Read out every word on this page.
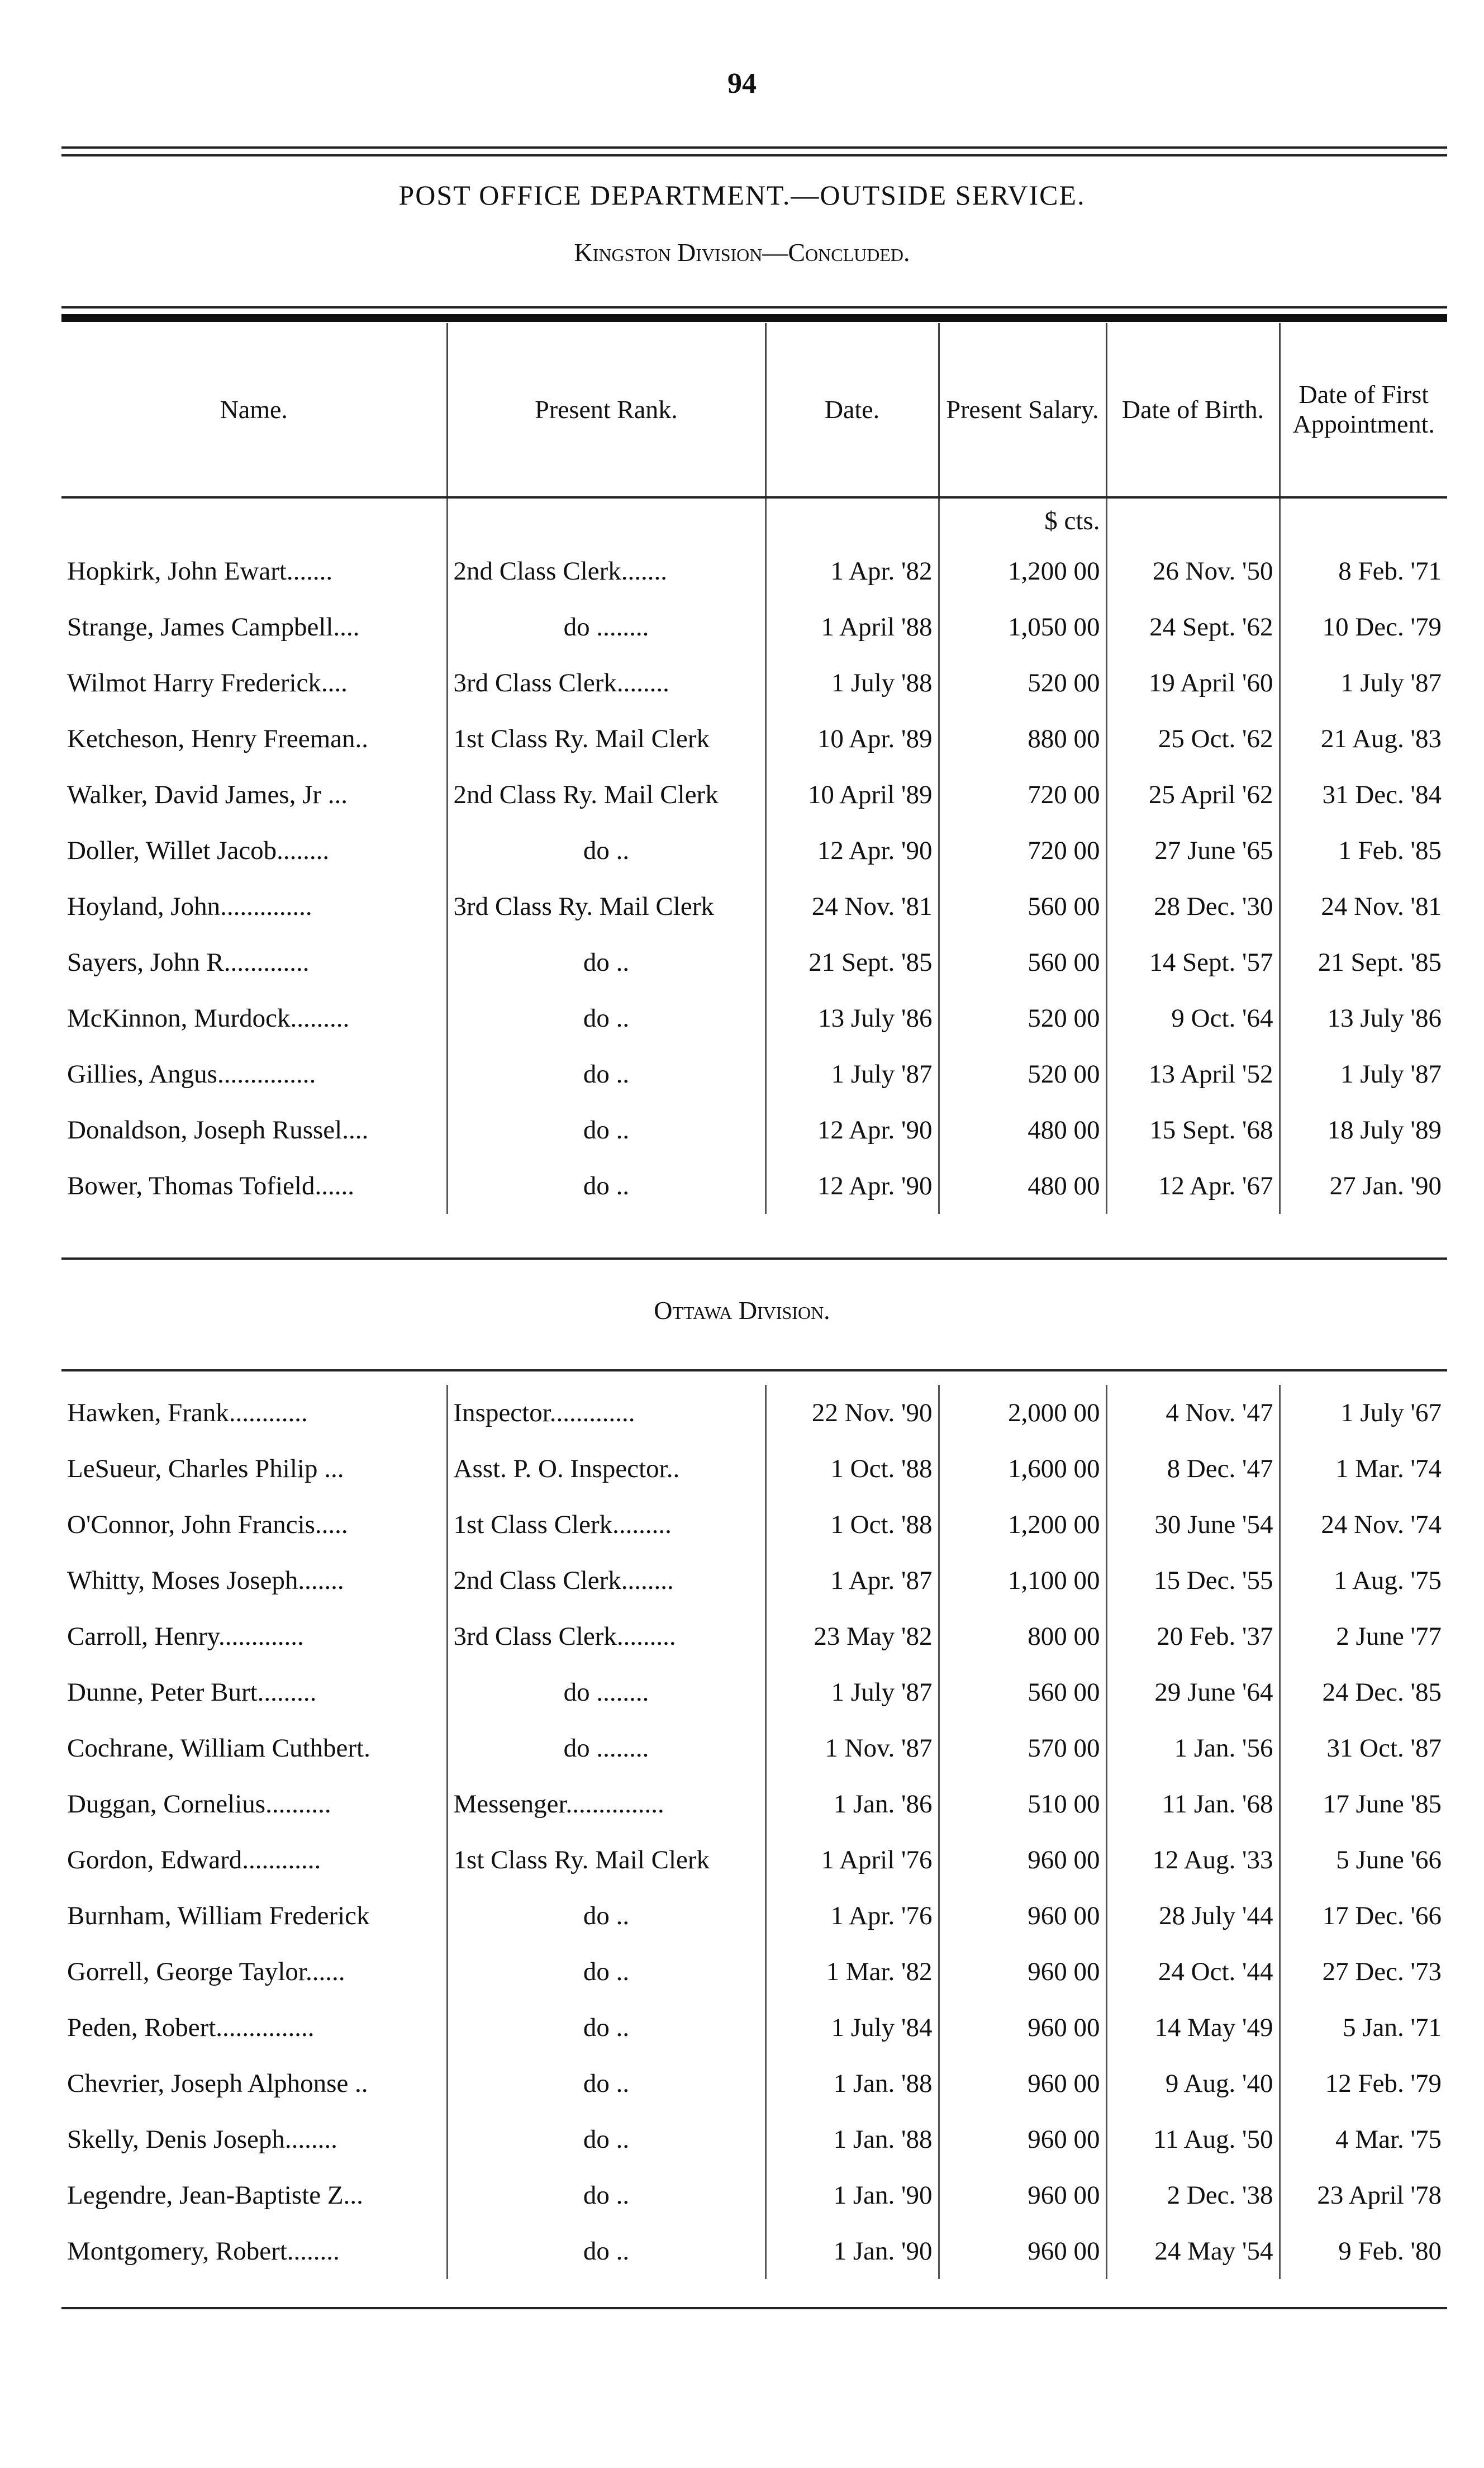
94
POST OFFICE DEPARTMENT.—OUTSIDE SERVICE.
Kingston Division—Concluded.
Name.	Present Rank.	Date.	Present Salary.	Date of Birth.	Date of First Appointment.
			$ cts.		
Hopkirk, John Ewart.......	2nd Class Clerk.......	1 Apr. '82	1,200 00	26 Nov. '50	8 Feb. '71
Strange, James Campbell....	do ........	1 April '88	1,050 00	24 Sept. '62	10 Dec. '79
Wilmot Harry Frederick....	3rd Class Clerk........	1 July '88	520 00	19 April '60	1 July '87
Ketcheson, Henry Freeman..	1st Class Ry. Mail Clerk	10 Apr. '89	880 00	25 Oct. '62	21 Aug. '83
Walker, David James, Jr ...	2nd Class Ry. Mail Clerk	10 April '89	720 00	25 April '62	31 Dec. '84
Doller, Willet Jacob........	do ..	12 Apr. '90	720 00	27 June '65	1 Feb. '85
Hoyland, John..............	3rd Class Ry. Mail Clerk	24 Nov. '81	560 00	28 Dec. '30	24 Nov. '81
Sayers, John R.............	do ..	21 Sept. '85	560 00	14 Sept. '57	21 Sept. '85
McKinnon, Murdock.........	do ..	13 July '86	520 00	9 Oct. '64	13 July '86
Gillies, Angus...............	do ..	1 July '87	520 00	13 April '52	1 July '87
Donaldson, Joseph Russel....	do ..	12 Apr. '90	480 00	15 Sept. '68	18 July '89
Bower, Thomas Tofield......	do ..	12 Apr. '90	480 00	12 Apr. '67	27 Jan. '90
Ottawa Division.
Hawken, Frank............	Inspector.............	22 Nov. '90	2,000 00	4 Nov. '47	1 July '67
LeSueur, Charles Philip ...	Asst. P. O. Inspector..	1 Oct. '88	1,600 00	8 Dec. '47	1 Mar. '74
O'Connor, John Francis.....	1st Class Clerk.........	1 Oct. '88	1,200 00	30 June '54	24 Nov. '74
Whitty, Moses Joseph.......	2nd Class Clerk........	1 Apr. '87	1,100 00	15 Dec. '55	1 Aug. '75
Carroll, Henry.............	3rd Class Clerk.........	23 May '82	800 00	20 Feb. '37	2 June '77
Dunne, Peter Burt.........	do ........	1 July '87	560 00	29 June '64	24 Dec. '85
Cochrane, William Cuthbert.	do ........	1 Nov. '87	570 00	1 Jan. '56	31 Oct. '87
Duggan, Cornelius..........	Messenger...............	1 Jan. '86	510 00	11 Jan. '68	17 June '85
Gordon, Edward............	1st Class Ry. Mail Clerk	1 April '76	960 00	12 Aug. '33	5 June '66
Burnham, William Frederick	do ..	1 Apr. '76	960 00	28 July '44	17 Dec. '66
Gorrell, George Taylor......	do ..	1 Mar. '82	960 00	24 Oct. '44	27 Dec. '73
Peden, Robert...............	do ..	1 July '84	960 00	14 May '49	5 Jan. '71
Chevrier, Joseph Alphonse ..	do ..	1 Jan. '88	960 00	9 Aug. '40	12 Feb. '79
Skelly, Denis Joseph........	do ..	1 Jan. '88	960 00	11 Aug. '50	4 Mar. '75
Legendre, Jean-Baptiste Z...	do ..	1 Jan. '90	960 00	2 Dec. '38	23 April '78
Montgomery, Robert........	do ..	1 Jan. '90	960 00	24 May '54	9 Feb. '80
